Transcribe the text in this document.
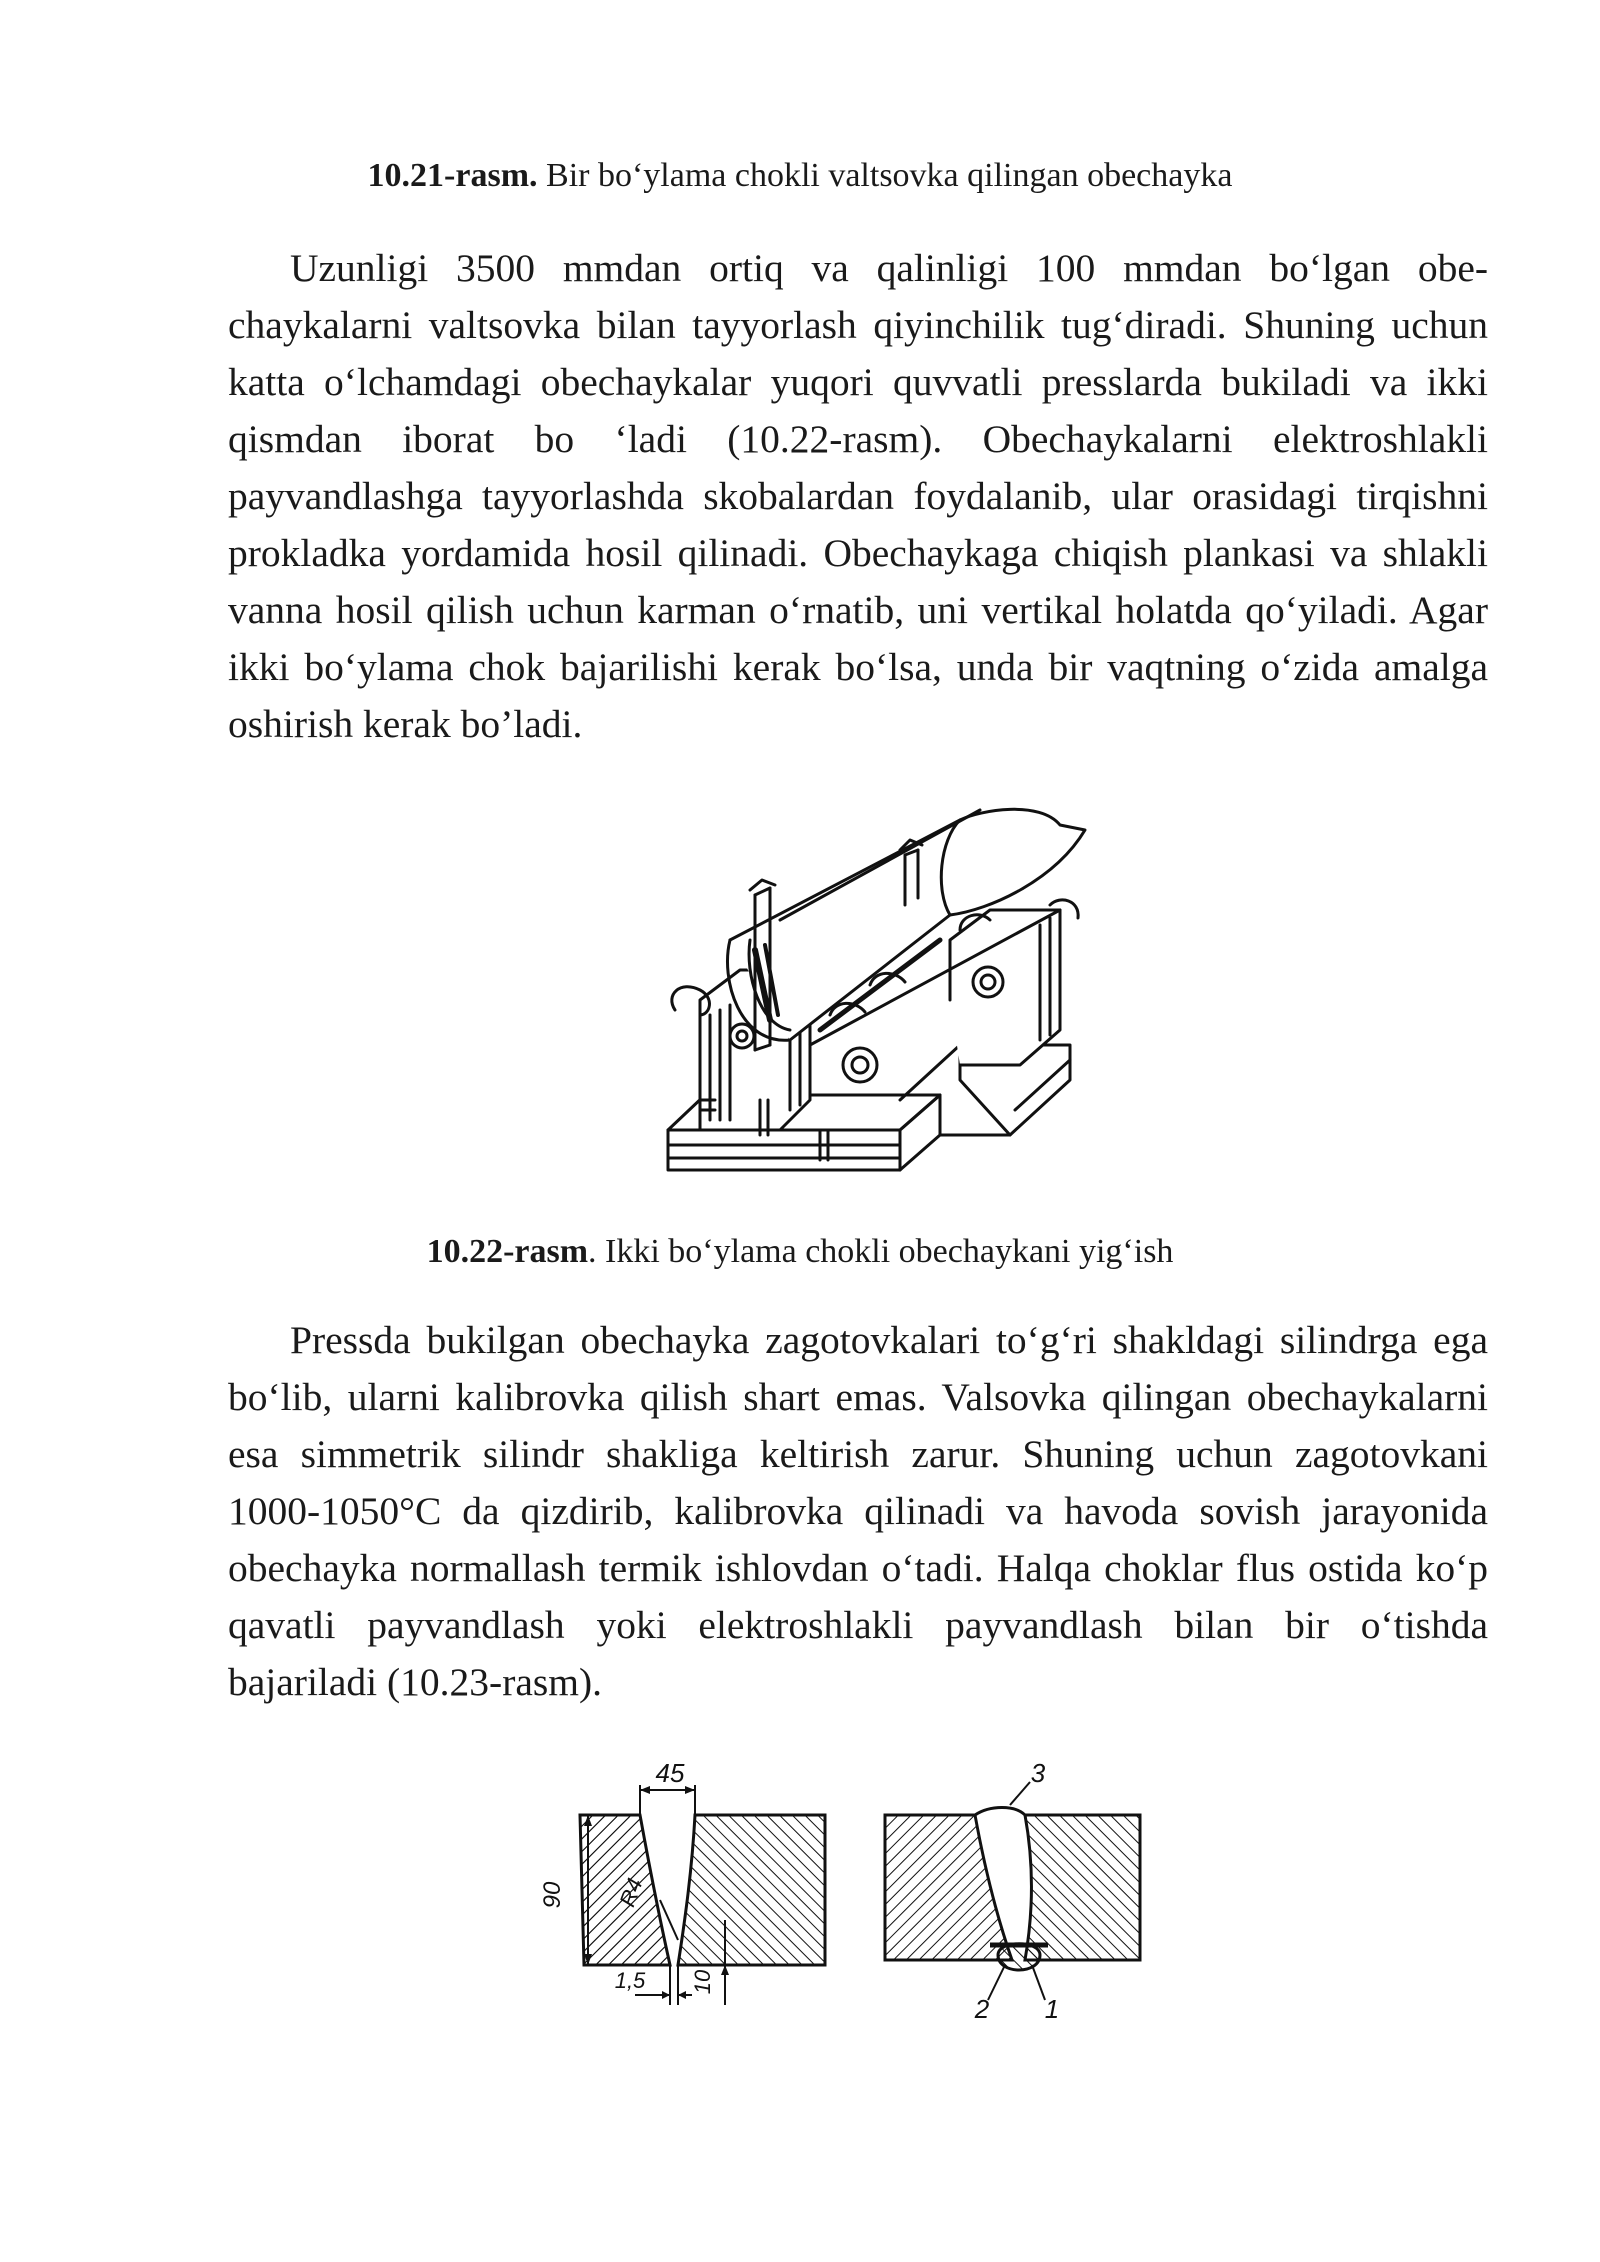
10.21-rasm. Bir bo‘ylama chokli valtsovka qilingan obechayka

Uzunligi 3500 mmdan ortiq va qalinligi 100 mmdan bo‘lgan obe-chaykalarni valtsovka bilan tayyorlash qiyinchilik tug‘diradi. Shuning uchun katta o‘lchamdagi obechaykalar yuqori quvvatli presslarda bukiladi va ikki qismdan iborat bo ‘ladi (10.22-rasm). Obechaykalarni elektroshlakli payvandlashga tayyorlashda skobalardan foydalanib, ular orasidagi tirqishni prokladka yordamida hosil qilinadi. Obechaykaga chiqish plankasi va shlakli vanna hosil qilish uchun karman o‘rnatib, uni vertikal holatda qo‘yiladi. Agar ikki bo‘ylama chok bajarilishi kerak bo‘lsa, unda bir vaqtning o‘zida amalga oshirish kerak bo’ladi.

10.22-rasm. Ikki bo‘ylama chokli obechaykani yig‘ish

Pressda bukilgan obechayka zagotovkalari to‘g‘ri shakldagi silindrga ega bo‘lib, ularni kalibrovka qilish shart emas. Valsovka qilingan obechaykalarni esa simmetrik silindr shakliga keltirish zarur. Shuning uchun zagotovkani 1000-1050°C da qizdirib, kalibrovka qilinadi va havoda sovish jarayonida obechayka normallash termik ishlovdan o‘tadi. Halqa choklar flus ostida ko‘p qavatli payvandlash yoki elektroshlakli payvandlash bilan bir o‘tishda bajariladi (10.23-rasm).

45
90 R4
1,5 10
3
2 1
